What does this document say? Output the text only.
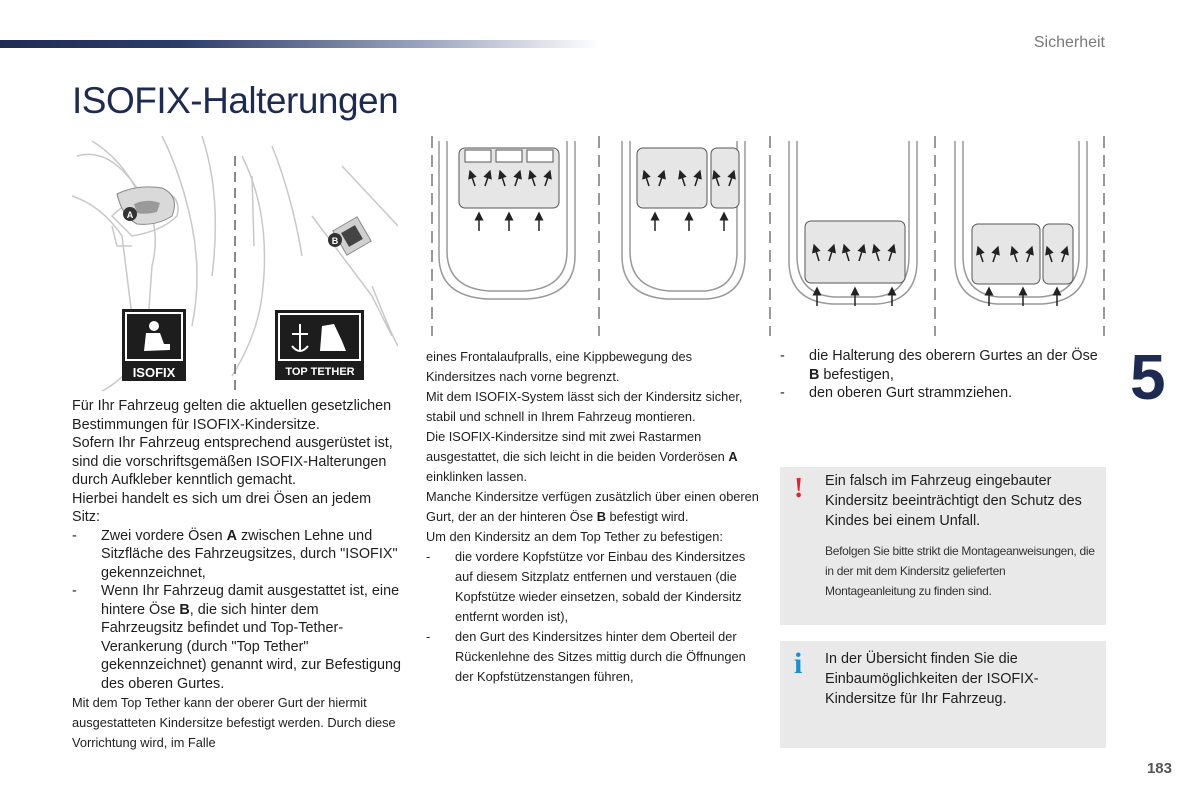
Sicherheit
ISOFIX-Halterungen
5
183
A
B
ISOFIX	TOP TETHER

Für Ihr Fahrzeug gelten die aktuellen gesetzlichen Bestimmungen für ISOFIX-Kindersitze.

Sofern Ihr Fahrzeug entsprechend ausgerüstet ist, sind die vorschriftsgemäßen ISOFIX-Halterungen durch Aufkleber kenntlich gemacht.

Hierbei handelt es sich um drei Ösen an jedem Sitz:

-	Zwei vordere Ösen A zwischen Lehne und Sitzfläche des Fahrzeugsitzes, durch "ISOFIX" gekennzeichnet,
-	Wenn Ihr Fahrzeug damit ausgestattet ist, eine hintere Öse B, die sich hinter dem Fahrzeugsitz befindet und Top-Tether-Verankerung (durch "Top Tether" gekennzeichnet) genannt wird, zur Befestigung des oberen Gurtes.

Mit dem Top Tether kann der oberer Gurt der hiermit ausgestatteten Kindersitze befestigt werden. Durch diese Vorrichtung wird, im Falle

eines Frontalaufpralls, eine Kippbewegung des Kindersitzes nach vorne begrenzt.

Mit dem ISOFIX-System lässt sich der Kindersitz sicher, stabil und schnell in Ihrem Fahrzeug montieren.

Die ISOFIX-Kindersitze sind mit zwei Rastarmen ausgestattet, die sich leicht in die beiden Vorderösen A einklinken lassen.

Manche Kindersitze verfügen zusätzlich über einen oberen Gurt, der an der hinteren Öse B befestigt wird.

Um den Kindersitz an dem Top Tether zu befestigen:

-	die vordere Kopfstütze vor Einbau des Kindersitzes auf diesem Sitzplatz entfernen und verstauen (die Kopfstütze wieder einsetzen, sobald der Kindersitz entfernt worden ist),
-	den Gurt des Kindersitzes hinter dem Oberteil der Rückenlehne des Sitzes mittig durch die Öffnungen der Kopfstützenstangen führen,
-	die Halterung des oberern Gurtes an der Öse B befestigen,
-	den oberen Gurt strammziehen.
! Ein falsch im Fahrzeug eingebauter Kindersitz beeinträchtigt den Schutz des Kindes bei einem Unfall.
Befolgen Sie bitte strikt die Montageanweisungen, die in der mit dem Kindersitz gelieferten Montageanleitung zu finden sind.
i In der Übersicht finden Sie die Einbaumöglichkeiten der ISOFIX-Kindersitze für Ihr Fahrzeug.
